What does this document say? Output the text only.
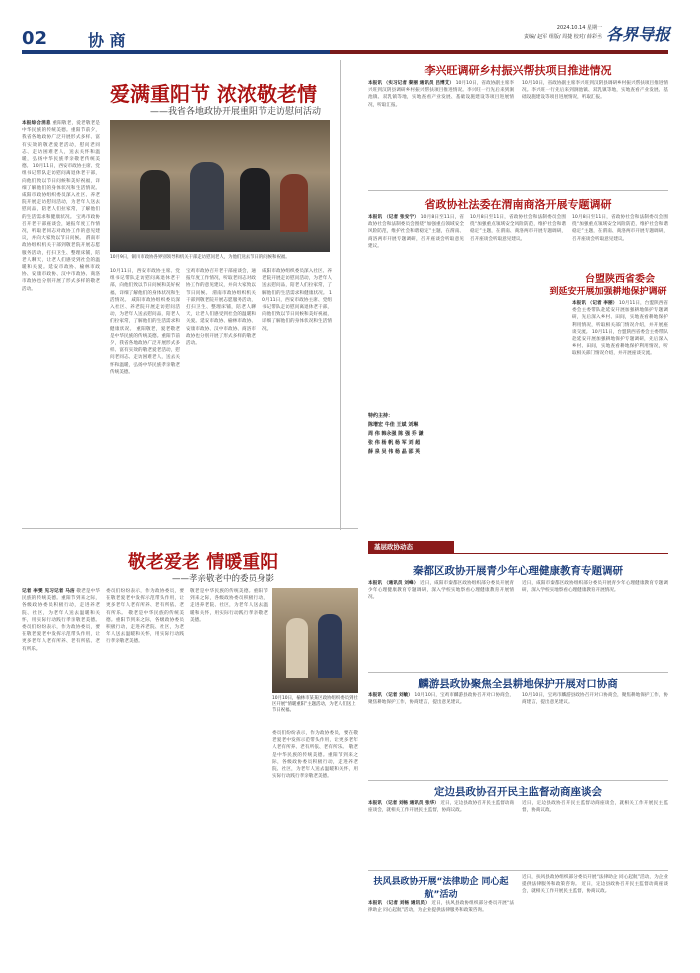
02	协 商
2024.10.14 星期一
责编/ 赵军 组版/ 周捷 校对/ 薛彩丞 各界导报
爱满重阳节 浓浓敬老情
——我省各地政协开展重阳节走访慰问活动
本报综合消息 重阳敬老，爱老敬老是中华民族的传统美德。重阳节前夕，我省各地政协广泛开展形式多样、富有实效的敬老爱老活动，慰问老同志、走访困难老人，送去关怀和温暖，弘扬中华民族孝亲敬老传统美德。 10月11日，西安市政协主席、党组书记带队走访慰问离退休老干部，向他们致以节日问候和美好祝福，详细了解他们的身体状况和生活情况。 咸阳市政协组织委员深入社区、养老院开展走访慰问活动，为老年人送去慰问品，陪老人们拉家常，了解他们的生活需求和健康状况。 宝鸡市政协召开老干部座谈会，通报年度工作情况，听取老同志对政协工作的意见建议，并向大家致以节日问候。 渭南市政协组织机关干部到敬老院开展志愿服务活动，打扫卫生、整理床铺，陪老人聊天，让老人们感受到社会的温暖和关爱。延安市政协、榆林市政协、安康市政协、汉中市政协、商洛市政协也分别开展了形式多样的敬老活动。
10月9日，铜川市政协各界别领导和机关干部走访慰问老人，为他们送去节日的问候和祝福。
10月11日，西安市政协主席、党组书记带队走访慰问离退休老干部，向他们致以节日问候和美好祝福，详细了解他们的身体状况和生活情况。 咸阳市政协组织委员深入社区、养老院开展走访慰问活动，为老年人送去慰问品，陪老人们拉家常，了解他们的生活需求和健康状况。 重阳敬老，爱老敬老是中华民族的传统美德。重阳节前夕，我省各地政协广泛开展形式多样、富有实效的敬老爱老活动，慰问老同志、走访困难老人，送去关怀和温暖，弘扬中华民族孝亲敬老传统美德。
宝鸡市政协召开老干部座谈会，通报年度工作情况，听取老同志对政协工作的意见建议，并向大家致以节日问候。 渭南市政协组织机关干部到敬老院开展志愿服务活动，打扫卫生、整理床铺，陪老人聊天，让老人们感受到社会的温暖和关爱。延安市政协、榆林市政协、安康市政协、汉中市政协、商洛市政协也分别开展了形式多样的敬老活动。
咸阳市政协组织委员深入社区、养老院开展走访慰问活动，为老年人送去慰问品，陪老人们拉家常，了解他们的生活需求和健康状况。 10月11日，西安市政协主席、党组书记带队走访慰问离退休老干部，向他们致以节日问候和美好祝福，详细了解他们的身体状况和生活情况。
敬老爱老 情暖重阳
——孝亲敬老中的委员身影
记者 李雯 见习记者 马洁 敬老是中华民族的传统美德。重阳节到来之际，各级政协委员积极行动，走进养老院、社区，为老年人送去温暖和关怀，用实际行动践行孝亲敬老美德。 委员们纷纷表示，作为政协委员，要在敬老爱老中发挥示范带头作用，让更多老年人老有所养、老有所依、老有所乐。
委员们纷纷表示，作为政协委员，要在敬老爱老中发挥示范带头作用，让更多老年人老有所养、老有所依、老有所乐。 敬老是中华民族的传统美德。重阳节到来之际，各级政协委员积极行动，走进养老院、社区，为老年人送去温暖和关怀，用实际行动践行孝亲敬老美德。
敬老是中华民族的传统美德。重阳节到来之际，各级政协委员积极行动，走进养老院、社区，为老年人送去温暖和关怀，用实际行动践行孝亲敬老美德。
10月10日，榆林市某某区政协组织委员到社区开展“情暖重阳”主题活动，为老人们送上节日祝福。
委员们纷纷表示，作为政协委员，要在敬老爱老中发挥示范带头作用，让更多老年人老有所养、老有所依、老有所乐。 敬老是中华民族的传统美德。重阳节到来之际，各级政协委员积极行动，走进养老院、社区，为老年人送去温暖和关怀，用实际行动践行孝亲敬老美德。
李兴旺调研乡村振兴帮扶项目推进情况
本报讯 （实习记者 秦丽 通讯员 吕博艾） 10月10日，省政协副主席李兴旺到汉阴县调研乡村振兴帮扶项目推进情况。李兴旺一行先后来到涧池镇、双乳镇等地，实地查看产业发展、基础设施建设等项目进展情况，听取汇报。
10月10日，省政协副主席李兴旺到汉阴县调研乡村振兴帮扶项目推进情况。李兴旺一行先后来到涧池镇、双乳镇等地，实地查看产业发展、基础设施建设等项目进展情况，听取汇报。
省政协社法委在渭南商洛开展专题调研
本报讯 （记者 张安宁） 10月8日至11日，省政协社会和法制委员会围绕“加强重点领域安全风险防范，维护社会和谐稳定”主题，在渭南、商洛两市开展专题调研，召开座谈会听取意见建议。
10月8日至11日，省政协社会和法制委员会围绕“加强重点领域安全风险防范，维护社会和谐稳定”主题，在渭南、商洛两市开展专题调研，召开座谈会听取意见建议。
10月8日至11日，省政协社会和法制委员会围绕“加强重点领域安全风险防范，维护社会和谐稳定”主题，在渭南、商洛两市开展专题调研，召开座谈会听取意见建议。
特约主持：
陈增宏 牛佳 王斌 刘琳
周 伟 韩永强 陈 强 乔 谦
张 伟 杨 帆 杨 军 刘 超
薛 泉 吴 伟 杨 晶 邵 英
台盟陕西省委会
到延安开展加强耕地保护调研
本报讯 （记者 李丽） 10月11日，台盟陕西省委会主委带队赴延安开展加强耕地保护专题调研，先后深入乡村、田间，实地查看耕地保护利用情况，听取相关部门情况介绍，并开展座谈交流。 10月11日，台盟陕西省委会主委带队赴延安开展加强耕地保护专题调研，先后深入乡村、田间，实地查看耕地保护利用情况，听取相关部门情况介绍，并开展座谈交流。
基层政协动态
秦都区政协开展青少年心理健康教育专题调研
本报讯 （通讯员 刘峰） 近日，咸阳市秦都区政协组织部分委员开展青少年心理健康教育专题调研，深入学校实地察看心理健康教育开展情况。
近日，咸阳市秦都区政协组织部分委员开展青少年心理健康教育专题调研，深入学校实地察看心理健康教育开展情况。
麟游县政协聚焦全县耕地保护开展对口协商
本报讯 （记者 刘敏） 10月10日，宝鸡市麟游县政协召开对口协商会，聚焦耕地保护工作，协商建言，提出意见建议。
10月10日，宝鸡市麟游县政协召开对口协商会，聚焦耕地保护工作，协商建言，提出意见建议。
定边县政协召开民主监督动商座谈会
本报讯 （记者 刘畅 通讯员 张华） 近日，定边县政协召开民主监督动商座谈会，就相关工作开展民主监督，协商议政。
近日，定边县政协召开民主监督动商座谈会，就相关工作开展民主监督，协商议政。
扶风县政协开展“法律助企 同心起航”活动
本报讯 （记者 刘畅 通讯员） 近日，扶风县政协组织部分委员开展“法律助企 同心起航”活动，为企业提供法律服务和政策咨询。
近日，扶风县政协组织部分委员开展“法律助企 同心起航”活动，为企业提供法律服务和政策咨询。 近日，定边县政协召开民主监督动商座谈会，就相关工作开展民主监督，协商议政。
